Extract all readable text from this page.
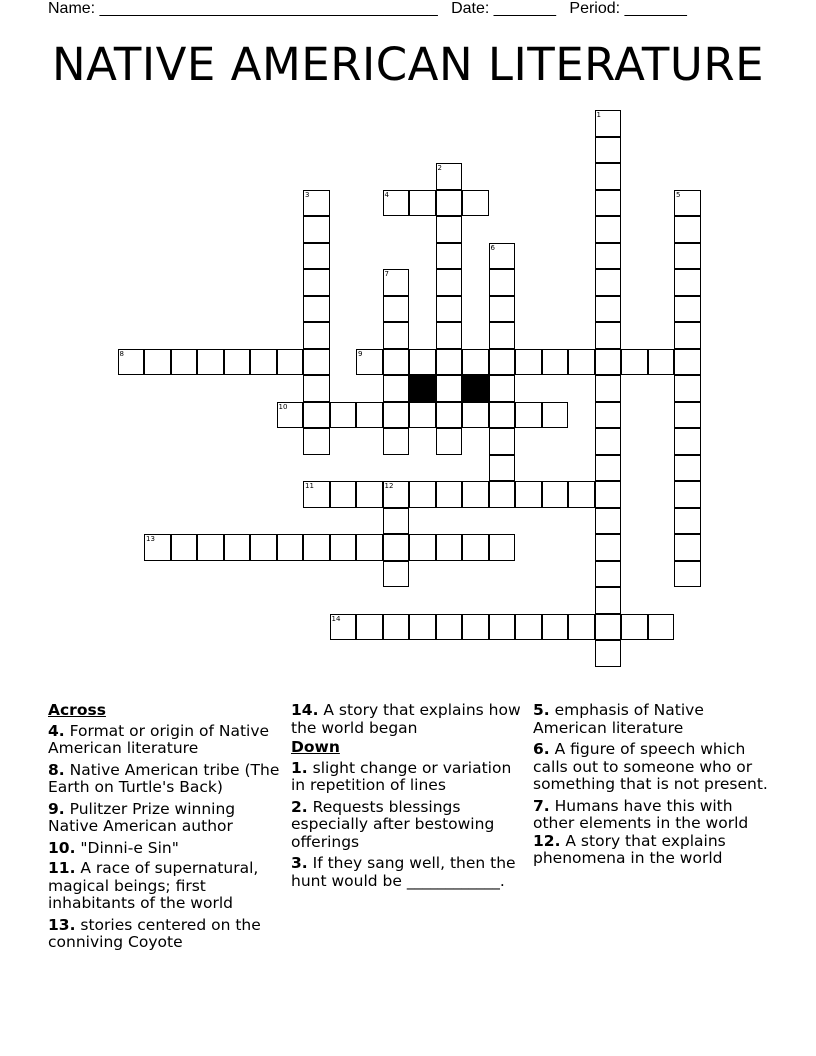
Name: ______________________________________ Date: _______ Period: _______
NATIVE AMERICAN LITERATURE
1
2
3	4	5
6
7
8	9
10
11	12
13
14
Across

4. Format or origin of Native American literature

8. Native American tribe (The Earth on Turtle's Back)

9. Pulitzer Prize winning Native American author

10. "Dinni-e Sin"

11. A race of supernatural, magical beings; first inhabitants of the world

13. stories centered on the conniving Coyote

14. A story that explains how the world began

Down

1. slight change or variation in repetition of lines

2. Requests blessings especially after bestowing offerings

3. If they sang well, then the hunt would be ____________.

5. emphasis of Native American literature

6. A figure of speech which calls out to someone who or something that is not present.

7. Humans have this with other elements in the world

12. A story that explains phenomena in the world
